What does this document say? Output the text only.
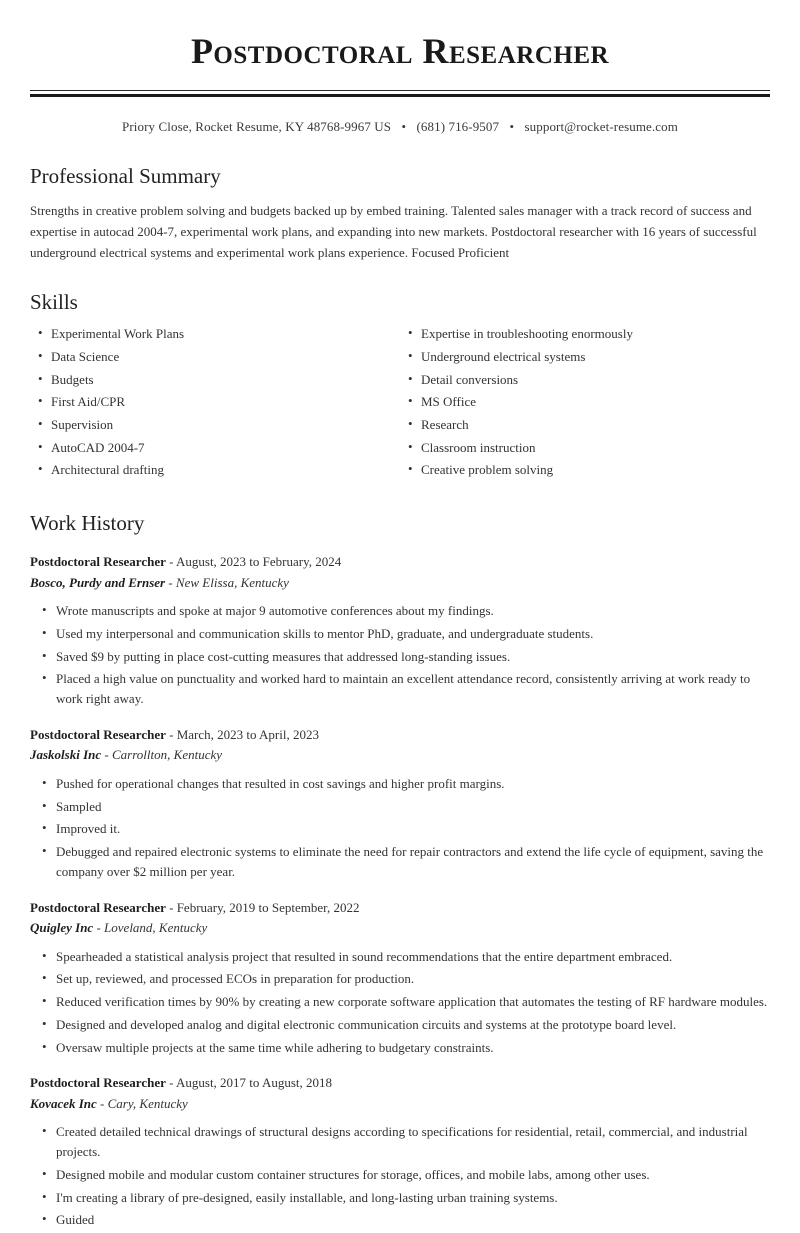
Postdoctoral Researcher
Priory Close, Rocket Resume, KY 48768-9967 US • (681) 716-9507 • support@rocket-resume.com
Professional Summary

Strengths in creative problem solving and budgets backed up by embed training. Talented sales manager with a track record of success and expertise in autocad 2004-7, experimental work plans, and expanding into new markets. Postdoctoral researcher with 16 years of successful underground electrical systems and experimental work plans experience. Focused Proficient

Skills
• Experimental Work Plans
• Data Science
• Budgets
• First Aid/CPR
• Supervision
• AutoCAD 2004-7
• Architectural drafting
• Expertise in troubleshooting enormously
• Underground electrical systems
• Detail conversions
• MS Office
• Research
• Classroom instruction
• Creative problem solving
Work History
Postdoctoral Researcher - August, 2023 to February, 2024
Bosco, Purdy and Ernser - New Elissa, Kentucky
• Wrote manuscripts and spoke at major 9 automotive conferences about my findings.
• Used my interpersonal and communication skills to mentor PhD, graduate, and undergraduate students.
• Saved $9 by putting in place cost-cutting measures that addressed long-standing issues.
• Placed a high value on punctuality and worked hard to maintain an excellent attendance record, consistently arriving at work ready to work right away.
Postdoctoral Researcher - March, 2023 to April, 2023
Jaskolski Inc - Carrollton, Kentucky
• Pushed for operational changes that resulted in cost savings and higher profit margins.
• Sampled
• Improved it.
• Debugged and repaired electronic systems to eliminate the need for repair contractors and extend the life cycle of equipment, saving the company over $2 million per year.
Postdoctoral Researcher - February, 2019 to September, 2022
Quigley Inc - Loveland, Kentucky
• Spearheaded a statistical analysis project that resulted in sound recommendations that the entire department embraced.
• Set up, reviewed, and processed ECOs in preparation for production.
• Reduced verification times by 90% by creating a new corporate software application that automates the testing of RF hardware modules.
• Designed and developed analog and digital electronic communication circuits and systems at the prototype board level.
• Oversaw multiple projects at the same time while adhering to budgetary constraints.
Postdoctoral Researcher - August, 2017 to August, 2018
Kovacek Inc - Cary, Kentucky
• Created detailed technical drawings of structural designs according to specifications for residential, retail, commercial, and industrial projects.
• Designed mobile and modular custom container structures for storage, offices, and mobile labs, among other uses.
• I'm creating a library of pre-designed, easily installable, and long-lasting urban training systems.
• Guided
